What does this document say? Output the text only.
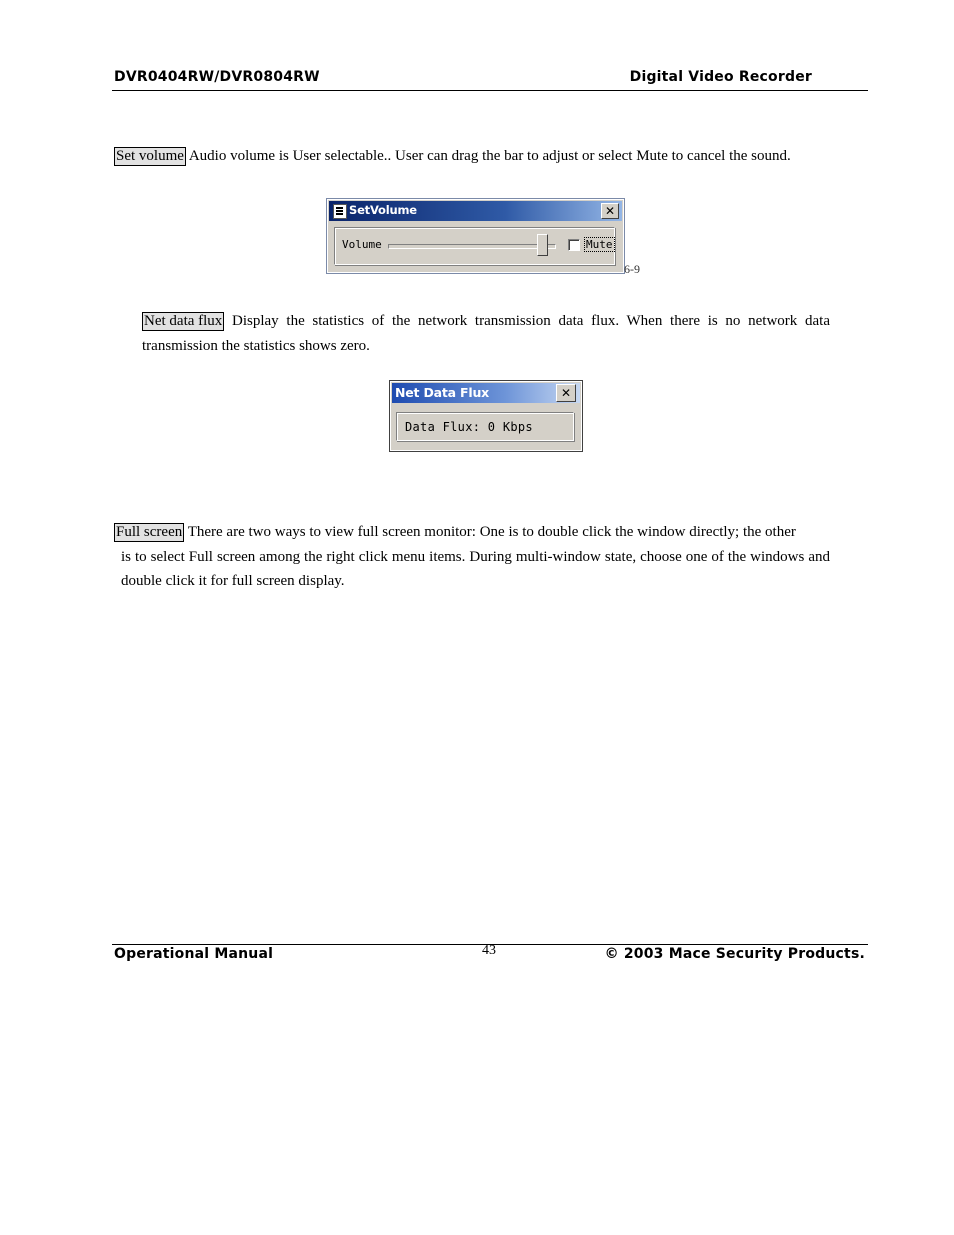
DVR0404RW/DVR0804RW	Digital Video Recorder
Set volume Audio volume is User selectable.. User can drag the bar to adjust or select Mute to cancel the sound.
SetVolume	✕
Volume	Mute
6-9
Net data flux Display the statistics of the network transmission data flux. When there is no network data transmission the statistics shows zero.
Net Data Flux	✕
Data Flux: 0 Kbps
Full screen There are two ways to view full screen monitor: One is to double click the window directly; the other
is to select Full screen among the right click menu items. During multi-window state, choose one of the windows and double click it for full screen display.
Operational Manual	43	© 2003 Mace Security Products.
